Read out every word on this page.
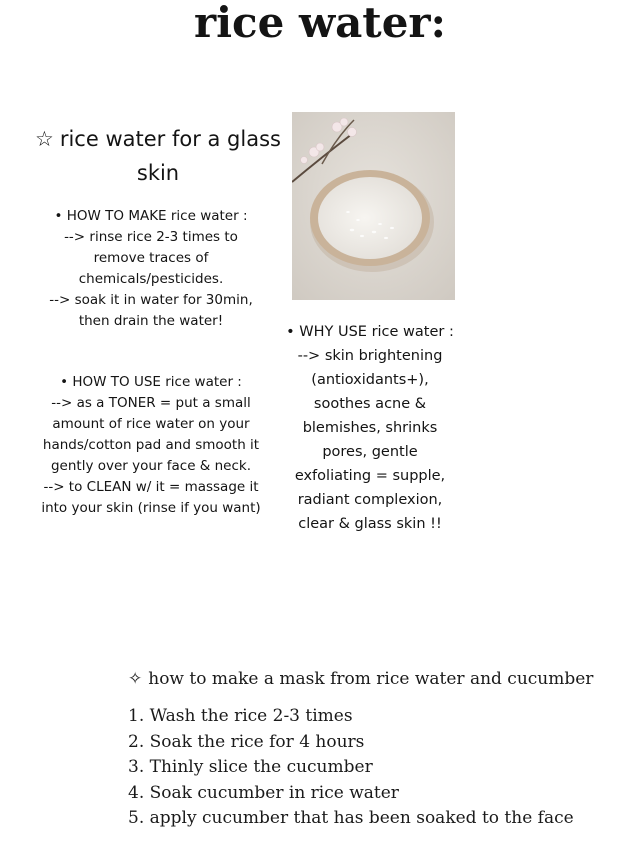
rice water:
☆ rice water for a glass skin

• HOW TO MAKE rice water :

--> rinse rice 2-3 times to

remove traces of

chemicals/pesticides.

--> soak it in water for 30min,

then drain the water!

• WHY USE rice water :

--> skin brightening

(antioxidants+),

soothes acne &

blemishes, shrinks

pores, gentle

exfoliating = supple,

radiant complexion,

clear & glass skin !!

• HOW TO USE rice water :

--> as a TONER = put a small

amount of rice water on your

hands/cotton pad and smooth it

gently over your face & neck.

--> to CLEAN w/ it = massage it

into your skin (rinse if you want)

✧ how to make a mask from rice water and cucumber

1. Wash the rice 2-3 times
2. Soak the rice for 4 hours
3. Thinly slice the cucumber
4. Soak cucumber in rice water
5. apply cucumber that has been soaked to the face
